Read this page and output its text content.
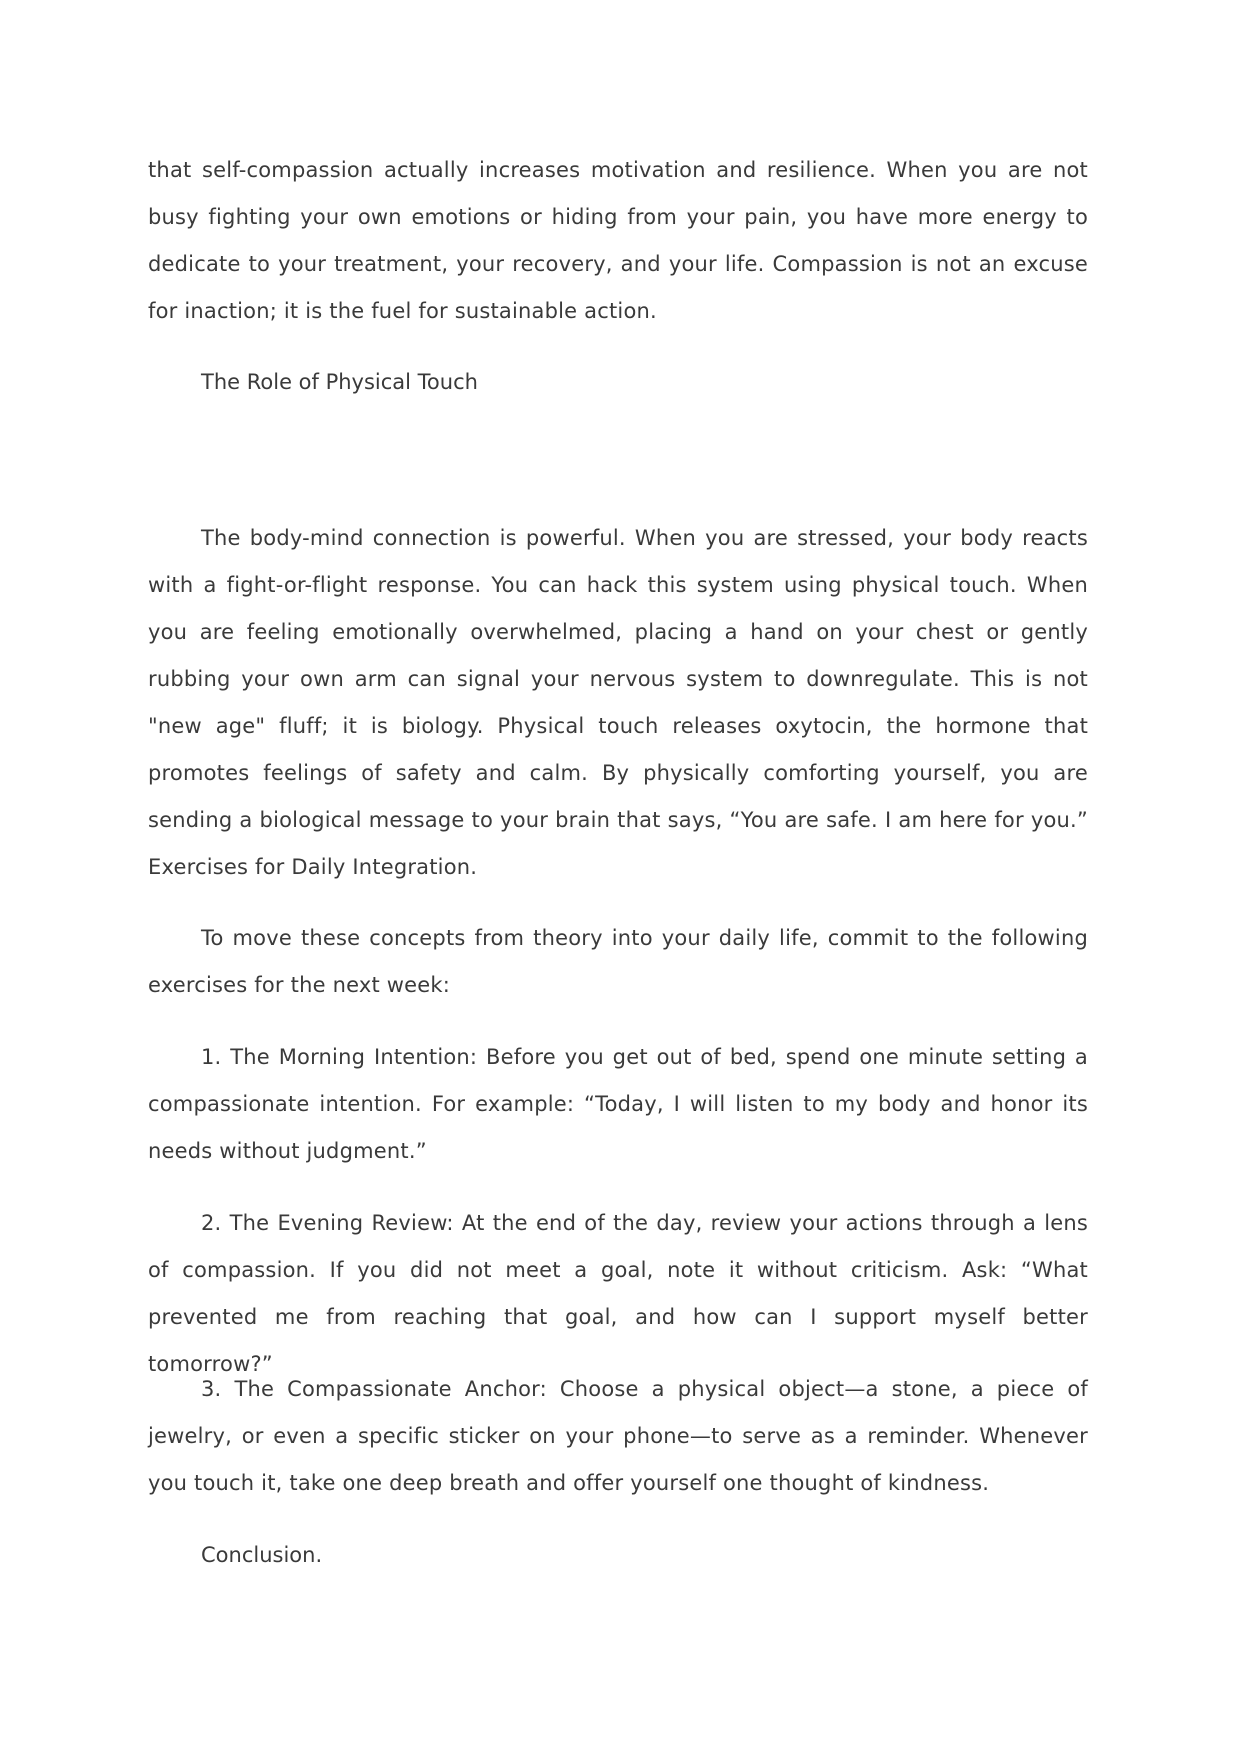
that self-compassion actually increases motivation and resilience. When you are not busy fighting your own emotions or hiding from your pain, you have more energy to dedicate to your treatment, your recovery, and your life. Compassion is not an excuse for inaction; it is the fuel for sustainable action.

The Role of Physical Touch

The body-mind connection is powerful. When you are stressed, your body reacts with a fight-or-flight response. You can hack this system using physical touch. When you are feeling emotionally overwhelmed, placing a hand on your chest or gently rubbing your own arm can signal your nervous system to downregulate. This is not "new age" fluff; it is biology. Physical touch releases oxytocin, the hormone that promotes feelings of safety and calm. By physically comforting yourself, you are sending a biological message to your brain that says, “You are safe. I am here for you.” Exercises for Daily Integration.

To move these concepts from theory into your daily life, commit to the following exercises for the next week:

1. The Morning Intention: Before you get out of bed, spend one minute setting a compassionate intention. For example: “Today, I will listen to my body and honor its needs without judgment.”

2. The Evening Review: At the end of the day, review your actions through a lens of compassion. If you did not meet a goal, note it without criticism. Ask: “What prevented me from reaching that goal, and how can I support myself better tomorrow?”

3. The Compassionate Anchor: Choose a physical object—a stone, a piece of jewelry, or even a specific sticker on your phone—to serve as a reminder. Whenever you touch it, take one deep breath and offer yourself one thought of kindness.

Conclusion.
